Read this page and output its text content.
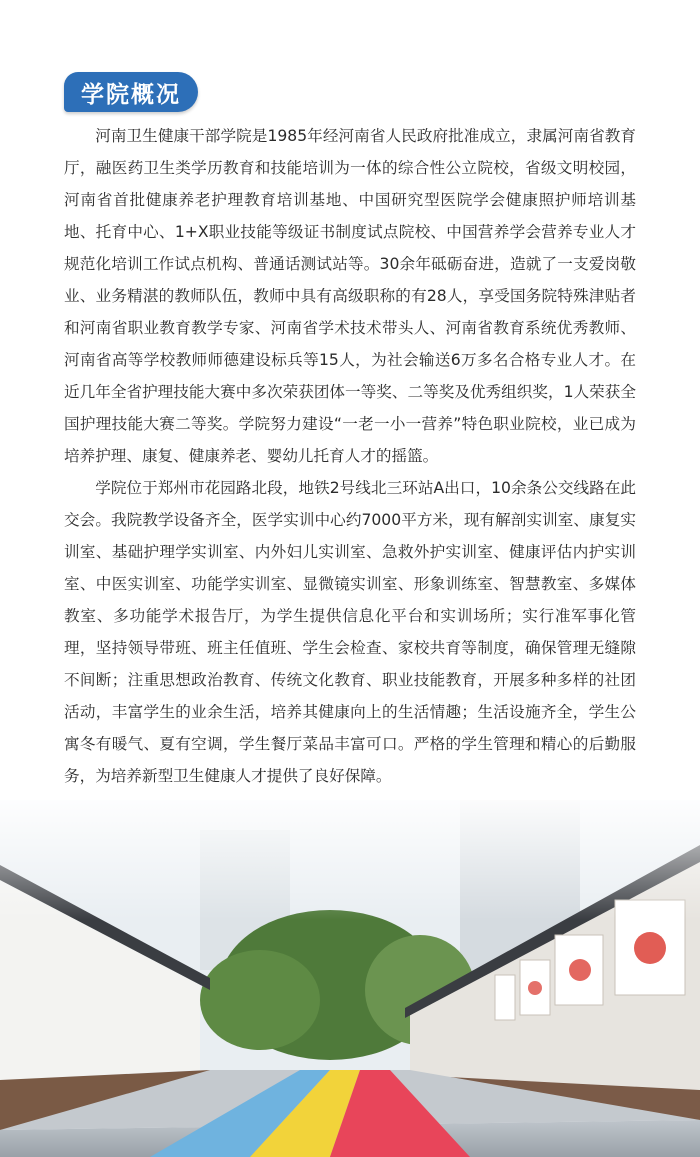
学院概况

河南卫生健康干部学院是1985年经河南省人民政府批准成立，隶属河南省教育厅，融医药卫生类学历教育和技能培训为一体的综合性公立院校，省级文明校园，河南省首批健康养老护理教育培训基地、中国研究型医院学会健康照护师培训基地、托育中心、1+X职业技能等级证书制度试点院校、中国营养学会营养专业人才规范化培训工作试点机构、普通话测试站等。30余年砥砺奋进，造就了一支爱岗敬业、业务精湛的教师队伍，教师中具有高级职称的有28人，享受国务院特殊津贴者和河南省职业教育教学专家、河南省学术技术带头人、河南省教育系统优秀教师、河南省高等学校教师师德建设标兵等15人，为社会输送6万多名合格专业人才。在近几年全省护理技能大赛中多次荣获团体一等奖、二等奖及优秀组织奖，1人荣获全国护理技能大赛二等奖。学院努力建设“一老一小一营养”特色职业院校，业已成为培养护理、康复、健康养老、婴幼儿托育人才的摇篮。

学院位于郑州市花园路北段，地铁2号线北三环站A出口，10余条公交线路在此交会。我院教学设备齐全，医学实训中心约7000平方米，现有解剖实训室、康复实训室、基础护理学实训室、内外妇儿实训室、急救外护实训室、健康评估内护实训室、中医实训室、功能学实训室、显微镜实训室、形象训练室、智慧教室、多媒体教室、多功能学术报告厅，为学生提供信息化平台和实训场所；实行准军事化管理，坚持领导带班、班主任值班、学生会检查、家校共育等制度，确保管理无缝隙不间断；注重思想政治教育、传统文化教育、职业技能教育，开展多种多样的社团活动，丰富学生的业余生活，培养其健康向上的生活情趣；生活设施齐全，学生公寓冬有暖气、夏有空调，学生餐厅菜品丰富可口。严格的学生管理和精心的后勤服务，为培养新型卫生健康人才提供了良好保障。
